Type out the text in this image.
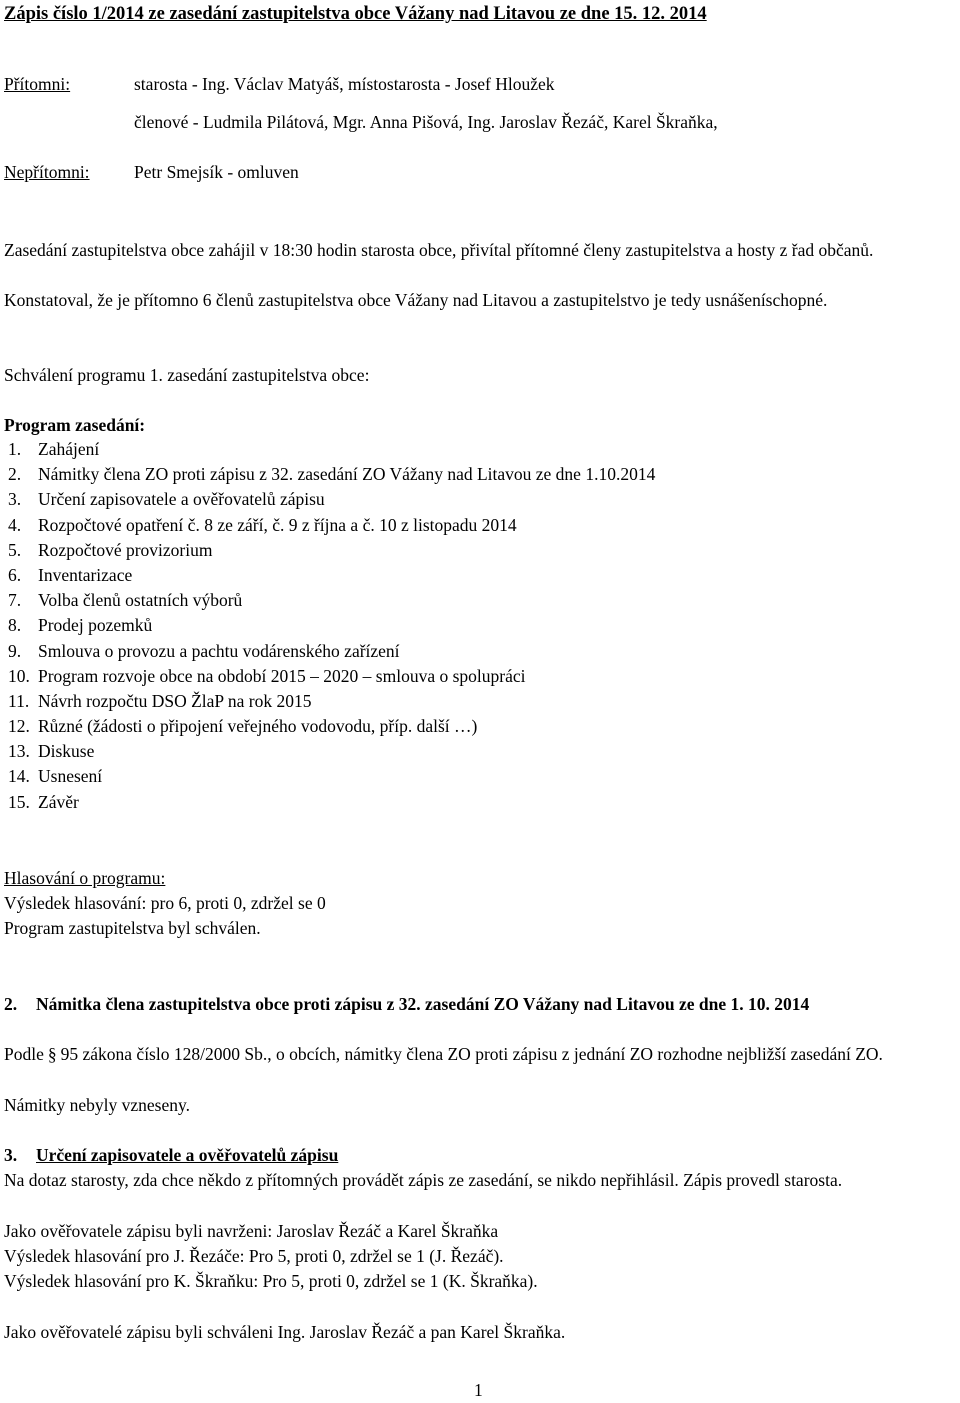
Zápis číslo 1/2014 ze zasedání zastupitelstva obce Vážany nad Litavou ze dne 15. 12. 2014
Přítomni:	starosta - Ing. Václav Matyáš, místostarosta - Josef Hloužek
členové - Ludmila Pilátová, Mgr. Anna Pišová, Ing. Jaroslav Řezáč, Karel Škraňka,
Nepřítomni:	Petr Smejsík - omluven
Zasedání zastupitelstva obce zahájil v 18:30 hodin starosta obce, přivítal přítomné členy zastupitelstva a hosty z řad občanů.
Konstatoval, že je přítomno 6 členů zastupitelstva obce Vážany nad Litavou a zastupitelstvo je tedy usnášeníschopné.
Schválení programu 1. zasedání zastupitelstva obce:
Program zasedání:
1. Zahájení
2. Námitky člena ZO proti zápisu z 32. zasedání ZO Vážany nad Litavou ze dne 1.10.2014
3. Určení zapisovatele a ověřovatelů zápisu
4. Rozpočtové opatření č. 8 ze září, č. 9 z října a č. 10 z listopadu 2014
5. Rozpočtové provizorium
6. Inventarizace
7. Volba členů ostatních výborů
8. Prodej pozemků
9. Smlouva o provozu a pachtu vodárenského zařízení
10. Program rozvoje obce na období 2015 – 2020 – smlouva o spolupráci
11. Návrh rozpočtu DSO ŽlaP na rok 2015
12. Různé (žádosti o připojení veřejného vodovodu, příp. další …)
13. Diskuse
14. Usnesení
15. Závěr
Hlasování o programu:
Výsledek hlasování: pro 6, proti 0, zdržel se 0
Program zastupitelstva byl schválen.
2. Námitka člena zastupitelstva obce proti zápisu z 32. zasedání ZO Vážany nad Litavou ze dne 1. 10. 2014
Podle § 95 zákona číslo 128/2000 Sb., o obcích, námitky člena ZO proti zápisu z jednání ZO rozhodne nejbližší zasedání ZO.
Námitky nebyly vzneseny.
3. Určení zapisovatele a ověřovatelů zápisu
Na dotaz starosty, zda chce někdo z přítomných provádět zápis ze zasedání, se nikdo nepřihlásil. Zápis provedl starosta.
Jako ověřovatele zápisu byli navrženi: Jaroslav Řezáč a Karel Škraňka
Výsledek hlasování pro J. Řezáče: Pro 5, proti 0, zdržel se 1 (J. Řezáč).
Výsledek hlasování pro K. Škraňku: Pro 5, proti 0, zdržel se 1 (K. Škraňka).
Jako ověřovatelé zápisu byli schváleni Ing. Jaroslav Řezáč a pan Karel Škraňka.
1
